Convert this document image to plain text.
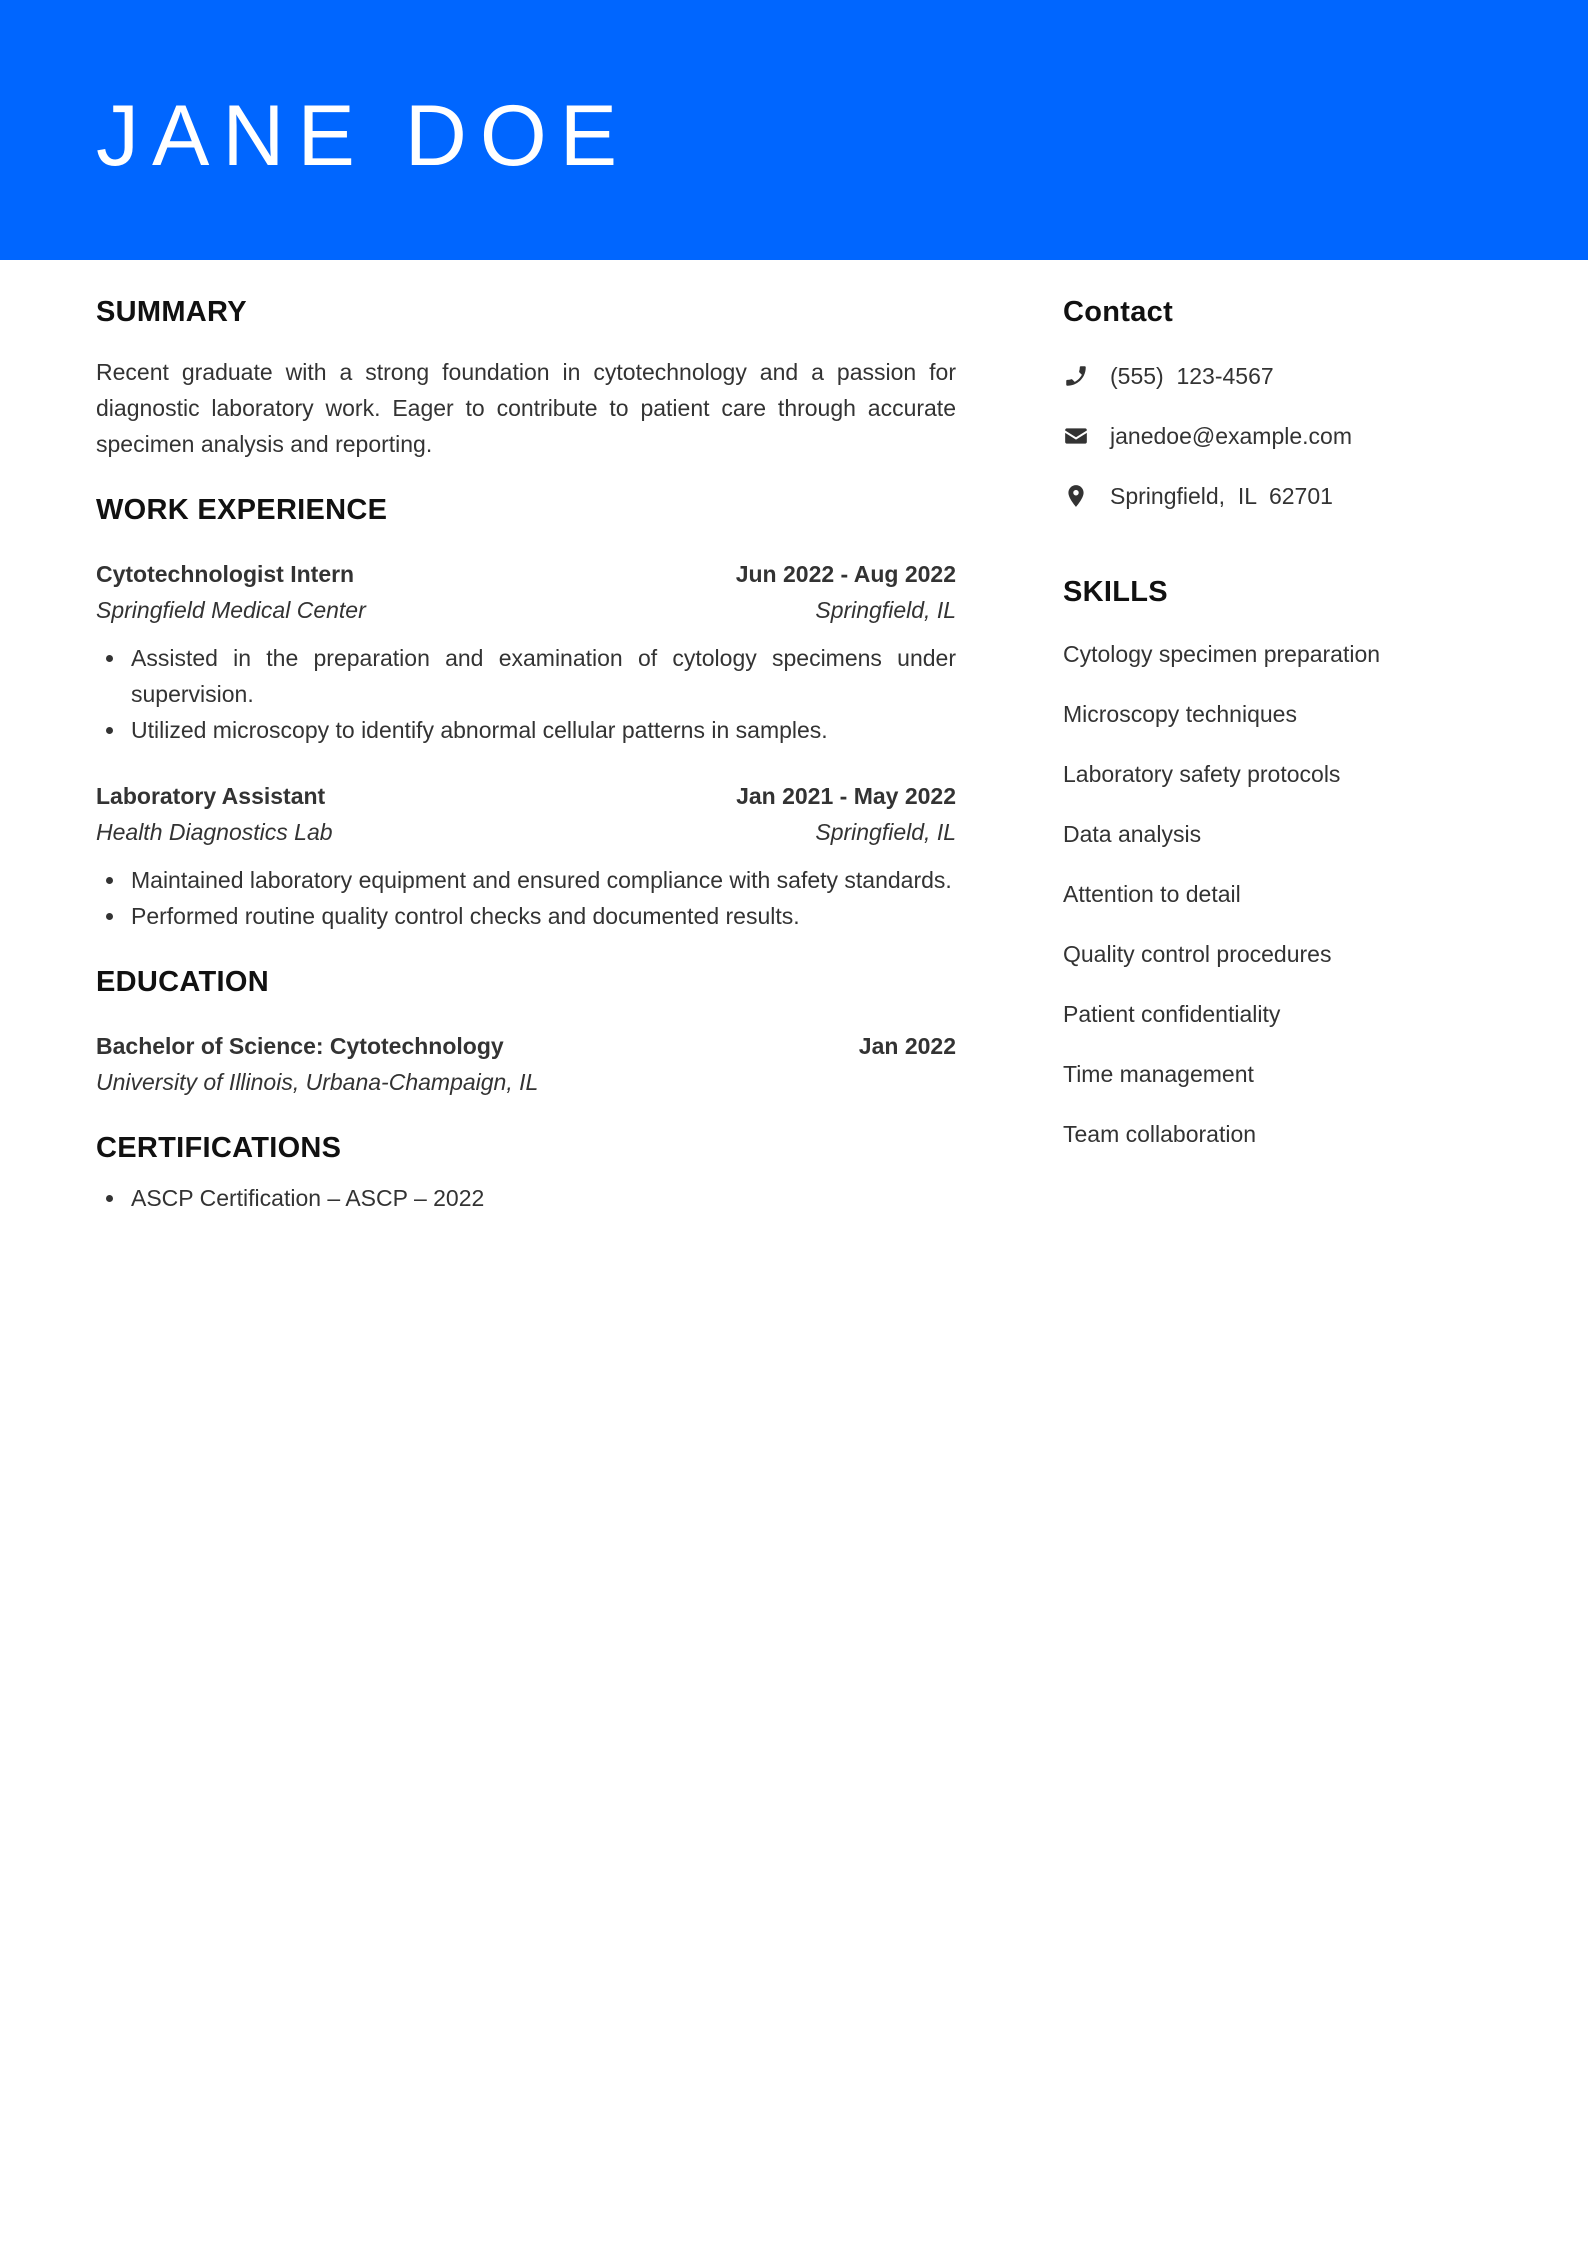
JANE DOE
SUMMARY

Recent graduate with a strong foundation in cytotechnology and a passion for diagnostic laboratory work. Eager to contribute to patient care through accurate specimen analysis and reporting.

WORK EXPERIENCE
Cytotechnologist Intern	Jun 2022 - Aug 2022
Springfield Medical Center	Springfield, IL
Assisted in the preparation and examination of cytology specimens under supervision.
Utilized microscopy to identify abnormal cellular patterns in samples.
Laboratory Assistant	Jan 2021 - May 2022
Health Diagnostics Lab	Springfield, IL
Maintained laboratory equipment and ensured compliance with safety standards.
Performed routine quality control checks and documented results.
EDUCATION
Bachelor of Science: Cytotechnology	Jan 2022
University of Illinois, Urbana-Champaign, IL
CERTIFICATIONS
ASCP Certification – ASCP – 2022
Contact
(555)  123-4567
janedoe@example.com
Springfield,  IL  62701
SKILLS
Cytology specimen preparation
Microscopy techniques
Laboratory safety protocols
Data analysis
Attention to detail
Quality control procedures
Patient confidentiality
Time management
Team collaboration
